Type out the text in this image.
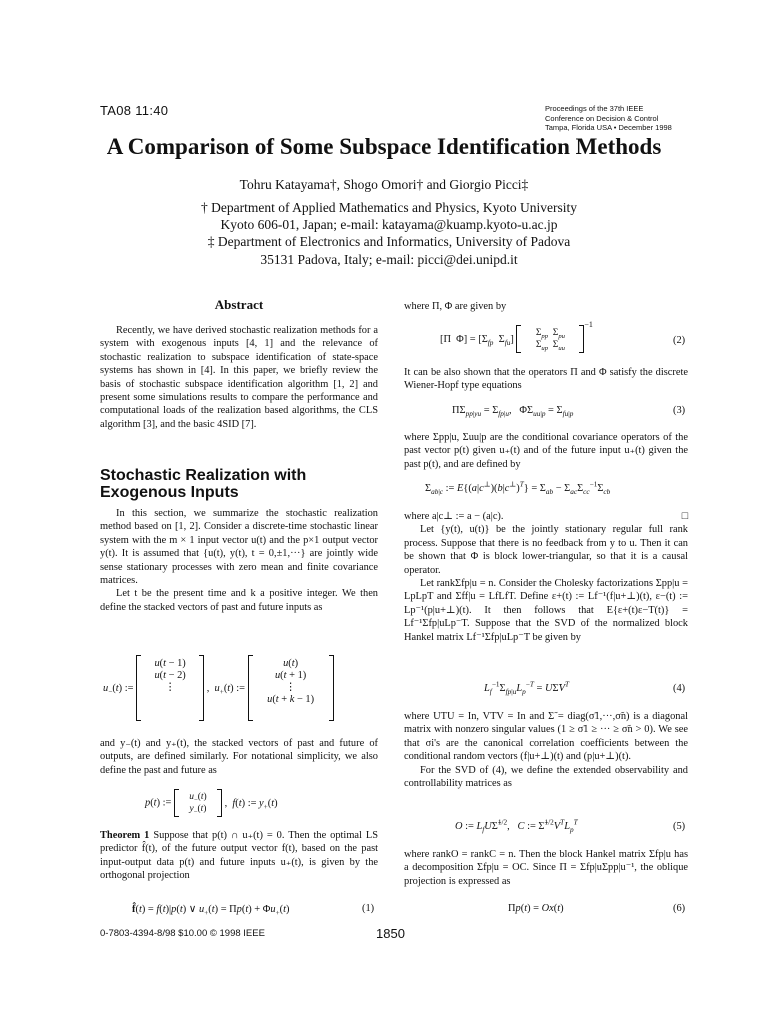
TA08 11:40	Proceedings of the 37th IEEE
Conference on Decision & Control
Tampa, Florida USA • December 1998
A Comparison of Some Subspace Identification Methods
Tohru Katayama†, Shogo Omori† and Giorgio Picci‡
† Department of Applied Mathematics and Physics, Kyoto University
Kyoto 606-01, Japan; e-mail: katayama@kuamp.kyoto-u.ac.jp
‡ Department of Electronics and Informatics, University of Padova
35131 Padova, Italy; e-mail: picci@dei.unipd.it
Abstract

Recently, we have derived stochastic realization methods for a system with exogenous inputs [4, 1] and the relevance of stochastic realization to subspace identification of state-space systems has shown in [4]. In this paper, we briefly review the basis of stochastic subspace identification algorithm [1, 2] and present some simulations results to compare the performance and computational loads of the realization based algorithms, the CLS algorithm [3], and the basic 4SID [7].

Stochastic Realization with
Exogenous Inputs

In this section, we summarize the stochastic realization method based on [1, 2]. Consider a discrete-time stochastic linear system with the m × 1 input vector u(t) and the p×1 output vector y(t). It is assumed that {u(t), y(t), t = 0,±1,···} are jointly wide sense stationary processes with zero mean and finite covariance matrices.

Let t be the present time and k a positive integer. We then define the stacked vectors of past and future inputs as

$u_-(t)$ := u(t − 1)
u(t − 2)
⋮	,  $u_+(t)$ := u(t)
u(t + 1)
⋮
u(t + k − 1)

and y₋(t) and y₊(t), the stacked vectors of past and future of outputs, are defined similarly. For notational simplicity, we also define the past and future as

p(t) := $u_-(t)$
$y_-(t)$ ,  f(t) := $y_+(t)$

Theorem 1 Suppose that p(t) ∩ u₊(t) = 0. Then the optimal LS predictor f̂(t), of the future output vector f(t), based on the past input-output data p(t) and future inputs u₊(t), is given by the orthogonal projection

f̂(t) = f(t)|p(t) ∨ $u_+(t) = \Pi p(t) + \Phi u_+(t)$	(1)

where Π, Φ are given by

[Π  $\Phi] = [\Sigma_{fp}$  $\Sigma_{fu}$] $\Sigma_{pp}$  $\Sigma_{pu}$
$\Sigma_{up}$  $\Sigma_{uu}^{-1}$
(2)

It can be also shown that the operators Π and Φ satisfy the discrete Wiener-Hopf type equations

$\Pi\Sigma_{pp|yu} = \Sigma_{fp|u}$,   $\Phi\Sigma_{uu|p} = \Sigma_{fu|p}$	(3)

where Σpp|u, Σuu|p are the conditional covariance operators of the past vector p(t) given u₊(t) and of the future input u₊(t) given the past p(t), and are defined by

$\Sigma_{ab|c}$ := $E\{(a|c^\perp)(b|c^\perp)^T\} = \Sigma_{ab} - \Sigma_{ac}\Sigma_{cc}^{-1}\Sigma_{cb}$

where a|c⊥ := a − (a|c).	□

Let {y(t), u(t)} be the jointly stationary regular full rank process. Suppose that there is no feedback from y to u. Then it can be shown that Φ is block lower-triangular, so that it is a causal operator.

Let rankΣfp|u = n. Consider the Cholesky factorizations Σpp|u = LpLpT and Σff|u = LfLfT. Define ε+(t) := Lf⁻¹(f|u+⊥)(t), ε−(t) := Lp⁻¹(p|u+⊥)(t). It then follows that E{ε+(t)ε−T(t)} = Lf⁻¹Σfp|uLp⁻T. Suppose that the SVD of the normalized block Hankel matrix Lf⁻¹Σfp|uLp⁻T be given by

$L_f^{-1}\Sigma_{fp|u}L_p^{-T}$ = $U\SigmãV^T$	(4)

where UTU = In, VTV = In and Σ̃ = diag(σ̃1,···,σ̃n) is a diagonal matrix with nonzero singular values (1 ≥ σ̃1 ≥ ··· ≥ σ̃n > 0). We see that σi's are the canonical correlation coefficients between the conditional random vectors (f|u+⊥)(t) and (p|u+⊥)(t).

For the SVD of (4), we define the extended observability and controllability matrices as

O := $L_fU\Sigmã^{1/2}$,   C := $\Sigmã^{1/2}V^TL_p^T$	(5)

where rankO = rankC = n. Then the block Hankel matrix Σfp|u has a decomposition Σfp|u = OC. Since Π = Σfp|uΣpp|u⁻¹, the oblique projection is expressed as

Πp(t) = Ox(t)	(6)
0-7803-4394-8/98 $10.00 © 1998 IEEE	1850
